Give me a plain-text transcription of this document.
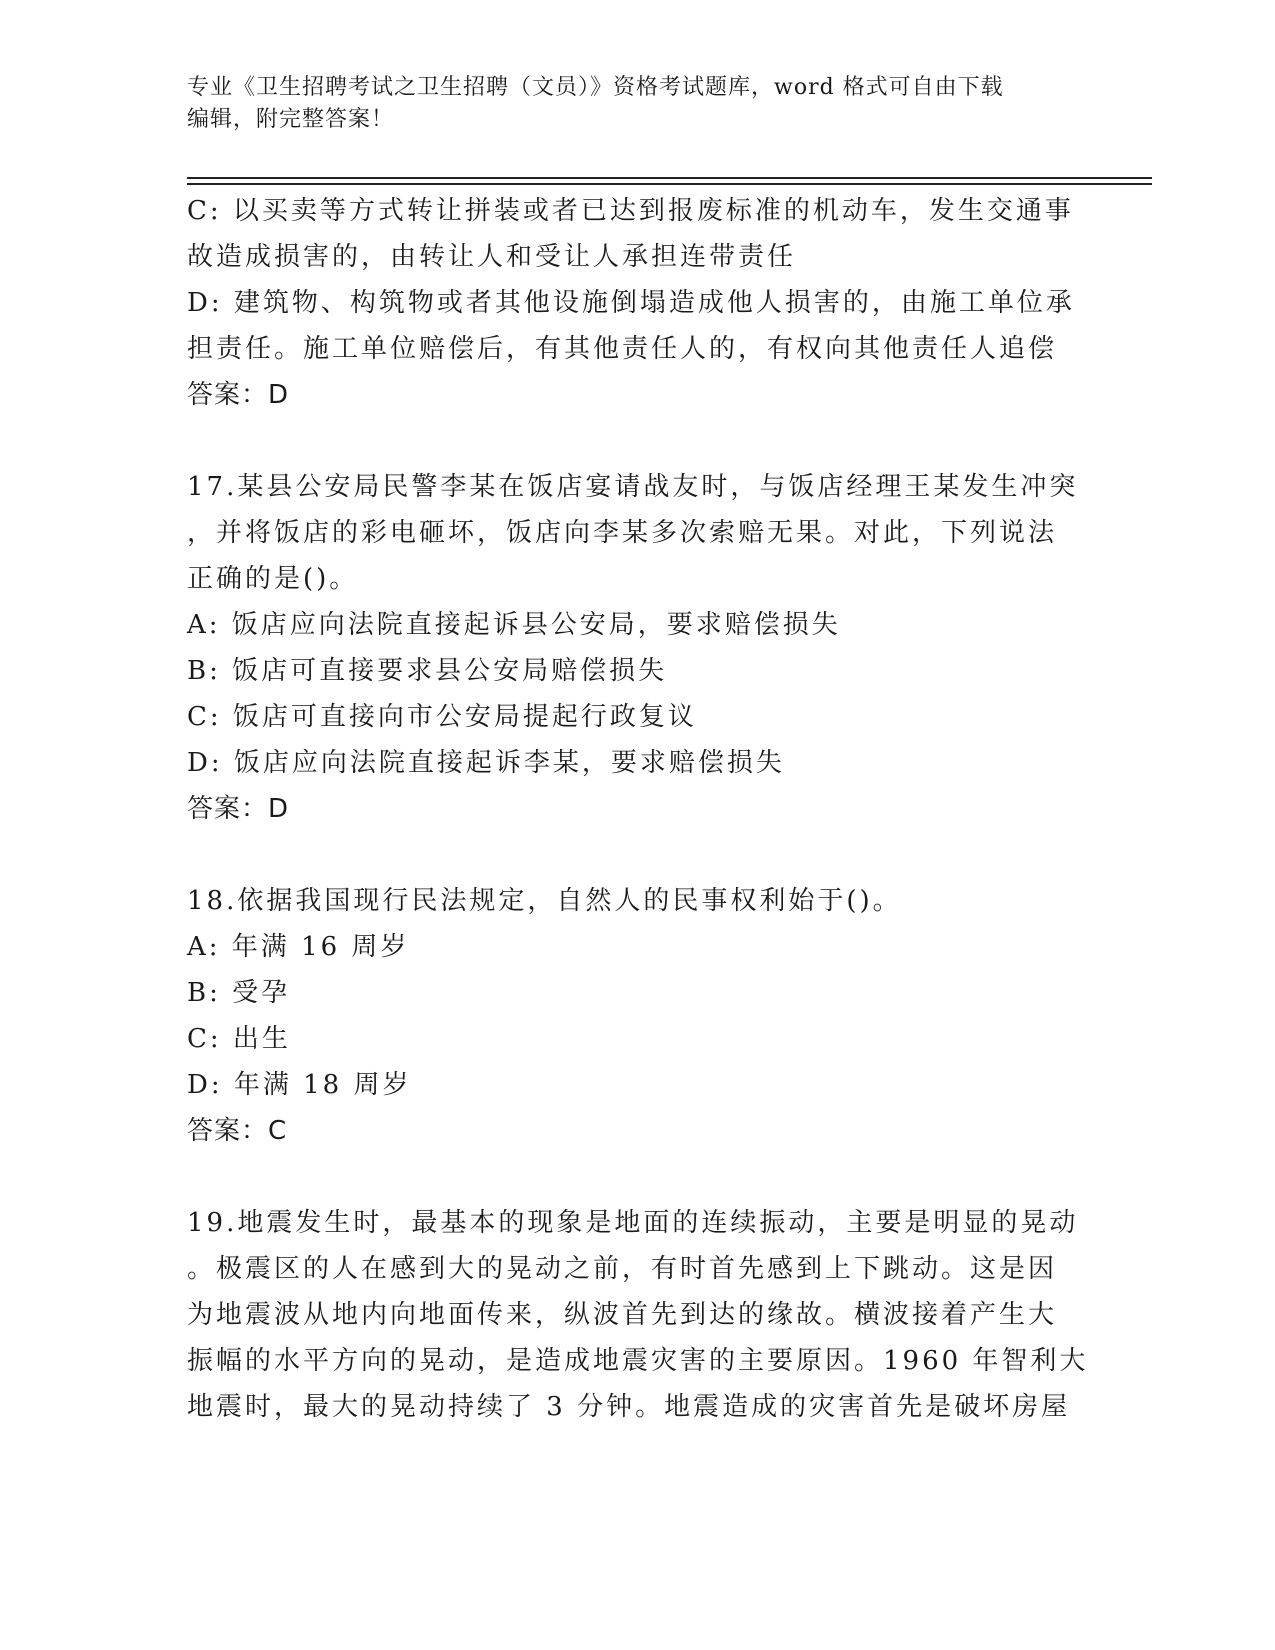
专业《卫生招聘考试之卫生招聘（文员）》资格考试题库，word 格式可自由下载
编辑，附完整答案！
C: 以买卖等方式转让拼装或者已达到报废标准的机动车，发生交通事
故造成损害的，由转让人和受让人承担连带责任
D: 建筑物、构筑物或者其他设施倒塌造成他人损害的，由施工单位承
担责任。施工单位赔偿后，有其他责任人的，有权向其他责任人追偿
答案：D
17.某县公安局民警李某在饭店宴请战友时，与饭店经理王某发生冲突
，并将饭店的彩电砸坏，饭店向李某多次索赔无果。对此，下列说法
正确的是()。
A: 饭店应向法院直接起诉县公安局，要求赔偿损失
B: 饭店可直接要求县公安局赔偿损失
C: 饭店可直接向市公安局提起行政复议
D: 饭店应向法院直接起诉李某，要求赔偿损失
答案：D
18.依据我国现行民法规定，自然人的民事权利始于()。
A: 年满 16 周岁
B: 受孕
C: 出生
D: 年满 18 周岁
答案：C
19.地震发生时，最基本的现象是地面的连续振动，主要是明显的晃动
。极震区的人在感到大的晃动之前，有时首先感到上下跳动。这是因
为地震波从地内向地面传来，纵波首先到达的缘故。横波接着产生大
振幅的水平方向的晃动，是造成地震灾害的主要原因。1960 年智利大
地震时，最大的晃动持续了 3 分钟。地震造成的灾害首先是破坏房屋
